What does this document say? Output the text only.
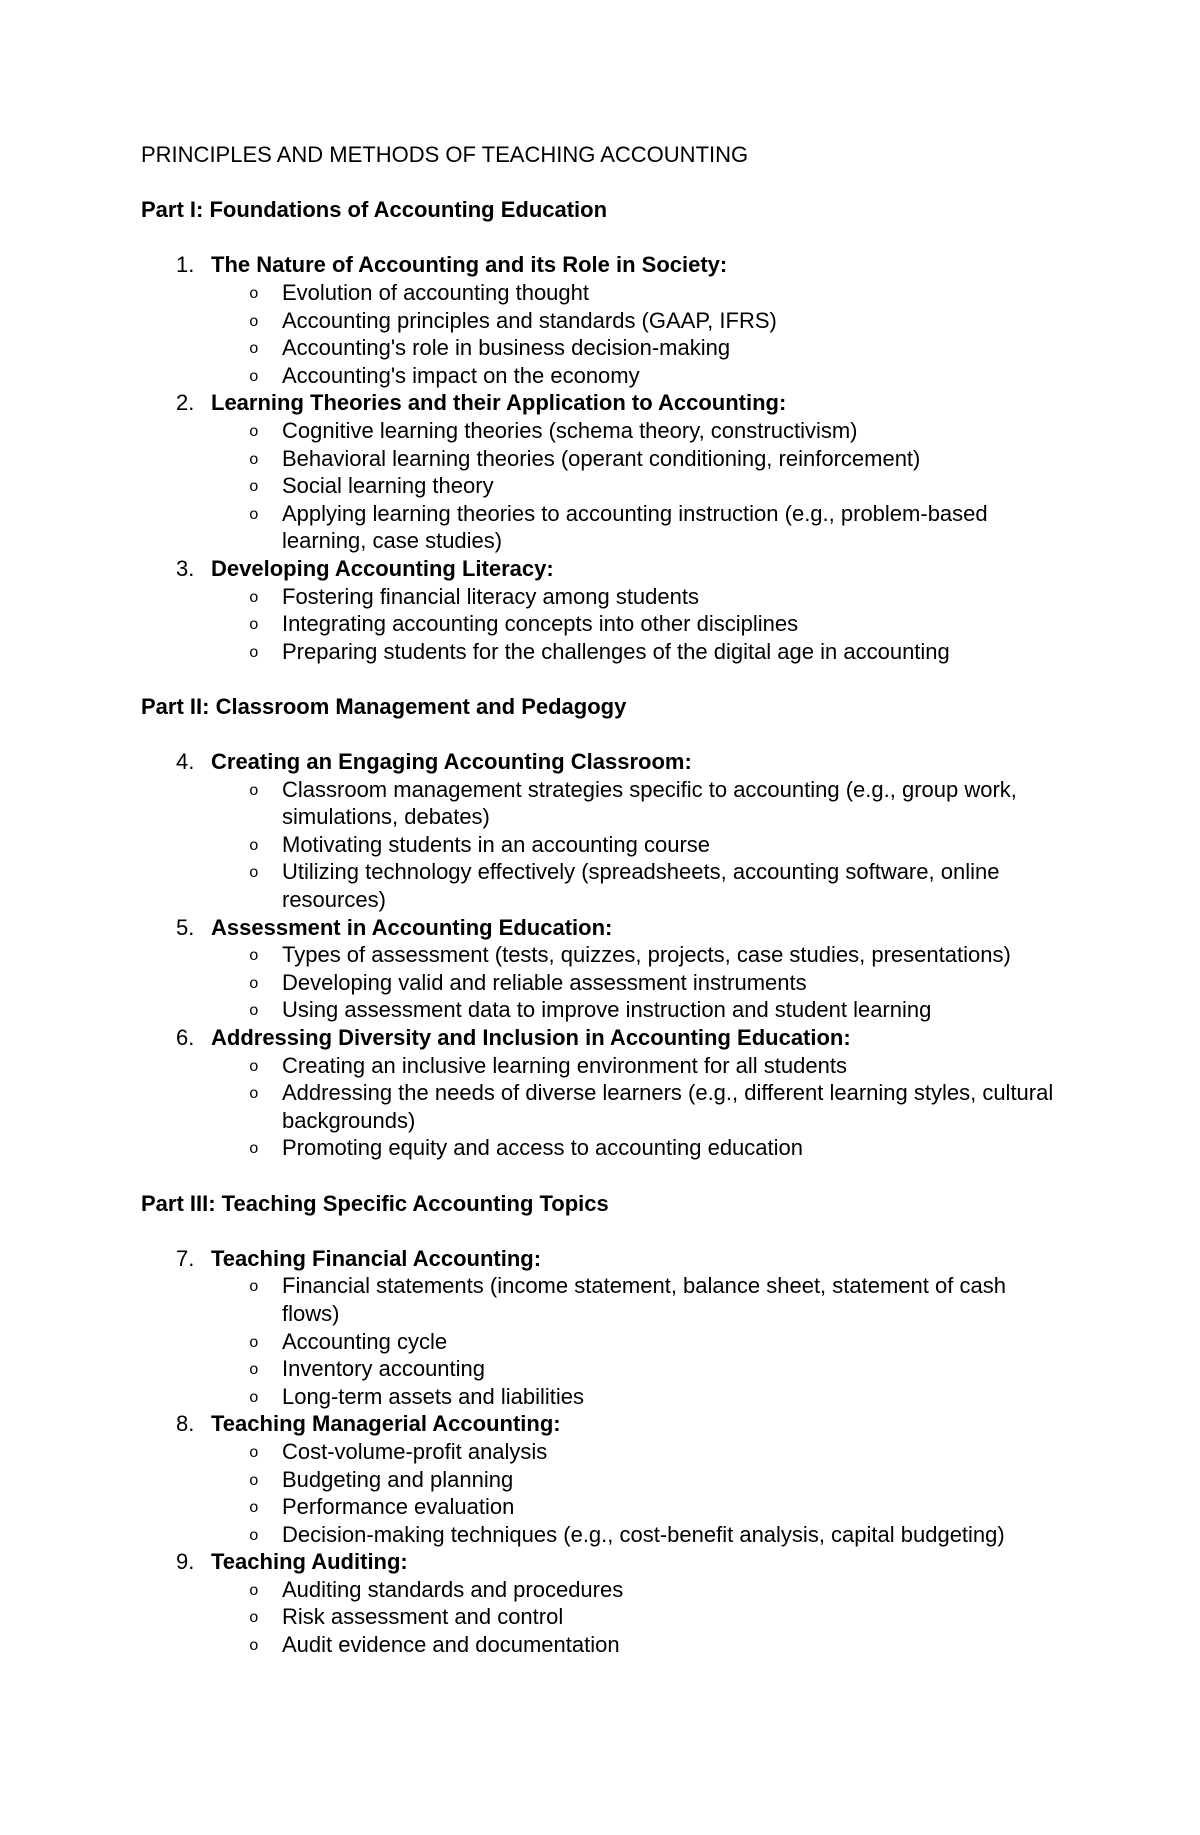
PRINCIPLES AND METHODS OF TEACHING ACCOUNTING
Part I: Foundations of Accounting Education
1. The Nature of Accounting and its Role in Society:
o Evolution of accounting thought
o Accounting principles and standards (GAAP, IFRS)
o Accounting's role in business decision-making
o Accounting's impact on the economy
2. Learning Theories and their Application to Accounting:
o Cognitive learning theories (schema theory, constructivism)
o Behavioral learning theories (operant conditioning, reinforcement)
o Social learning theory
o Applying learning theories to accounting instruction (e.g., problem-based learning, case studies)
3. Developing Accounting Literacy:
o Fostering financial literacy among students
o Integrating accounting concepts into other disciplines
o Preparing students for the challenges of the digital age in accounting
Part II: Classroom Management and Pedagogy
4. Creating an Engaging Accounting Classroom:
o Classroom management strategies specific to accounting (e.g., group work, simulations, debates)
o Motivating students in an accounting course
o Utilizing technology effectively (spreadsheets, accounting software, online resources)
5. Assessment in Accounting Education:
o Types of assessment (tests, quizzes, projects, case studies, presentations)
o Developing valid and reliable assessment instruments
o Using assessment data to improve instruction and student learning
6. Addressing Diversity and Inclusion in Accounting Education:
o Creating an inclusive learning environment for all students
o Addressing the needs of diverse learners (e.g., different learning styles, cultural backgrounds)
o Promoting equity and access to accounting education
Part III: Teaching Specific Accounting Topics
7. Teaching Financial Accounting:
o Financial statements (income statement, balance sheet, statement of cash flows)
o Accounting cycle
o Inventory accounting
o Long-term assets and liabilities
8. Teaching Managerial Accounting:
o Cost-volume-profit analysis
o Budgeting and planning
o Performance evaluation
o Decision-making techniques (e.g., cost-benefit analysis, capital budgeting)
9. Teaching Auditing:
o Auditing standards and procedures
o Risk assessment and control
o Audit evidence and documentation
